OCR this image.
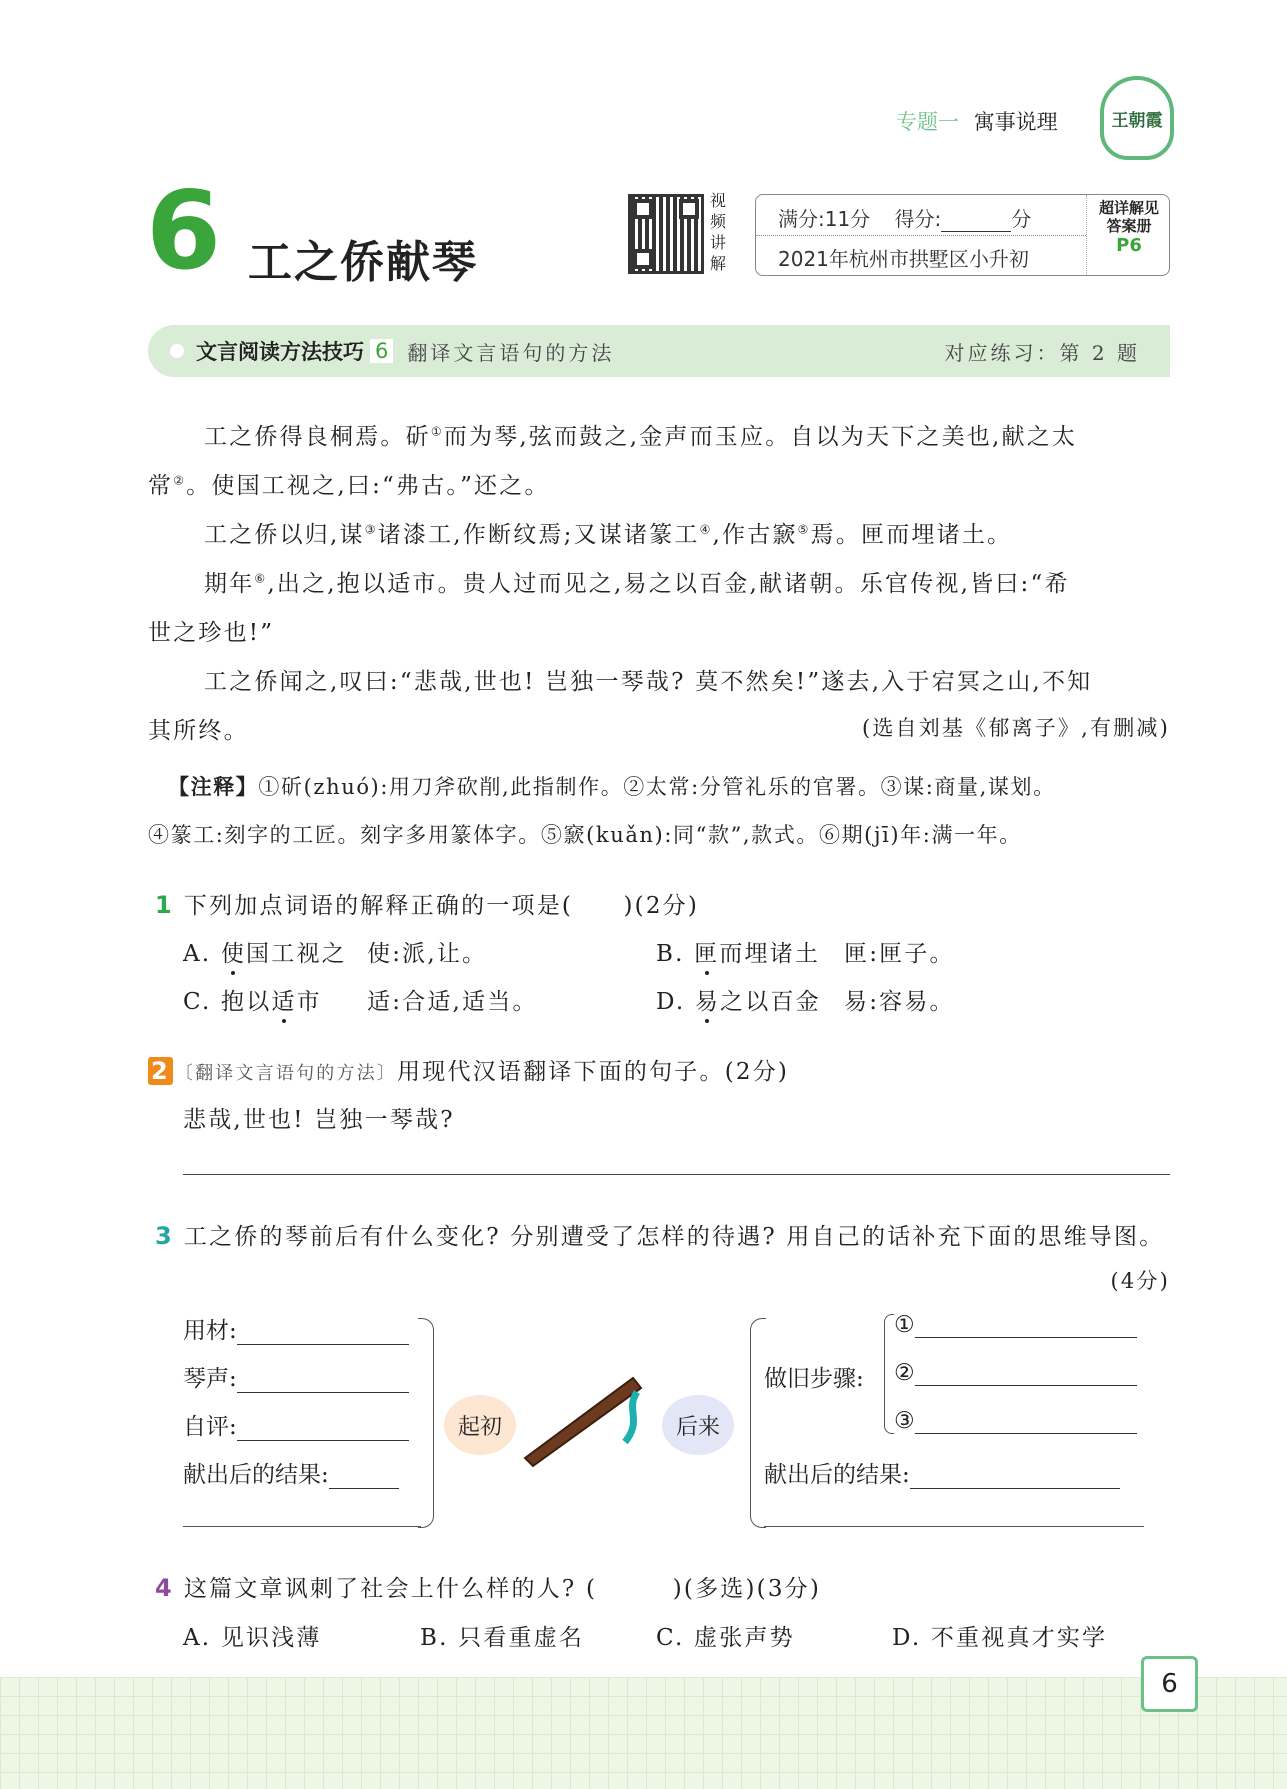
专题一 寓事说理	王朝霞
6 工之侨献琴
视
频
讲
解
满分:11分 得分:	分
2021年杭州市拱墅区小升初
超详解见
答案册
P6
文言阅读方法技巧 6 翻译文言语句的方法	对应练习：第 2 题
工之侨得良桐焉。斫①而为琴,弦而鼓之,金声而玉应。自以为天下之美也,献之太
常②。使国工视之,曰:“弗古。”还之。
工之侨以归,谋③诸漆工,作断纹焉;又谋诸篆工④,作古窾⑤焉。匣而埋诸土。
期年⑥,出之,抱以适市。贵人过而见之,易之以百金,献诸朝。乐官传视,皆曰:“希
世之珍也!”
工之侨闻之,叹曰:“悲哉,世也! 岂独一琴哉? 莫不然矣!”遂去,入于宕冥之山,不知
其所终。	(选自刘基《郁离子》,有删减)
【注释】①斫(zhuó):用刀斧砍削,此指制作。②太常:分管礼乐的官署。③谋:商量,谋划。
④篆工:刻字的工匠。刻字多用篆体字。⑤窾(kuǎn):同“款”,款式。⑥期(jī)年:满一年。
1 下列加点词语的解释正确的一项是(　　)(2分)
A. 使国工视之 使:派,让。	B. 匣而埋诸土 匣:匣子。
C. 抱以适市 适:合适,适当。	D. 易之以百金 易:容易。
2 〔翻译文言语句的方法〕用现代汉语翻译下面的句子。(2分)
悲哉,世也! 岂独一琴哉?
3 工之侨的琴前后有什么变化? 分别遭受了怎样的待遇? 用自己的话补充下面的思维导图。
(4分)
用材:
琴声:
自评:
献出后的结果:
起初	后来
做旧步骤:
①
②
③
献出后的结果:
4 这篇文章讽刺了社会上什么样的人? (　　　)(多选)(3分)
A. 见识浅薄	B. 只看重虚名	C. 虚张声势	D. 不重视真才实学
6
